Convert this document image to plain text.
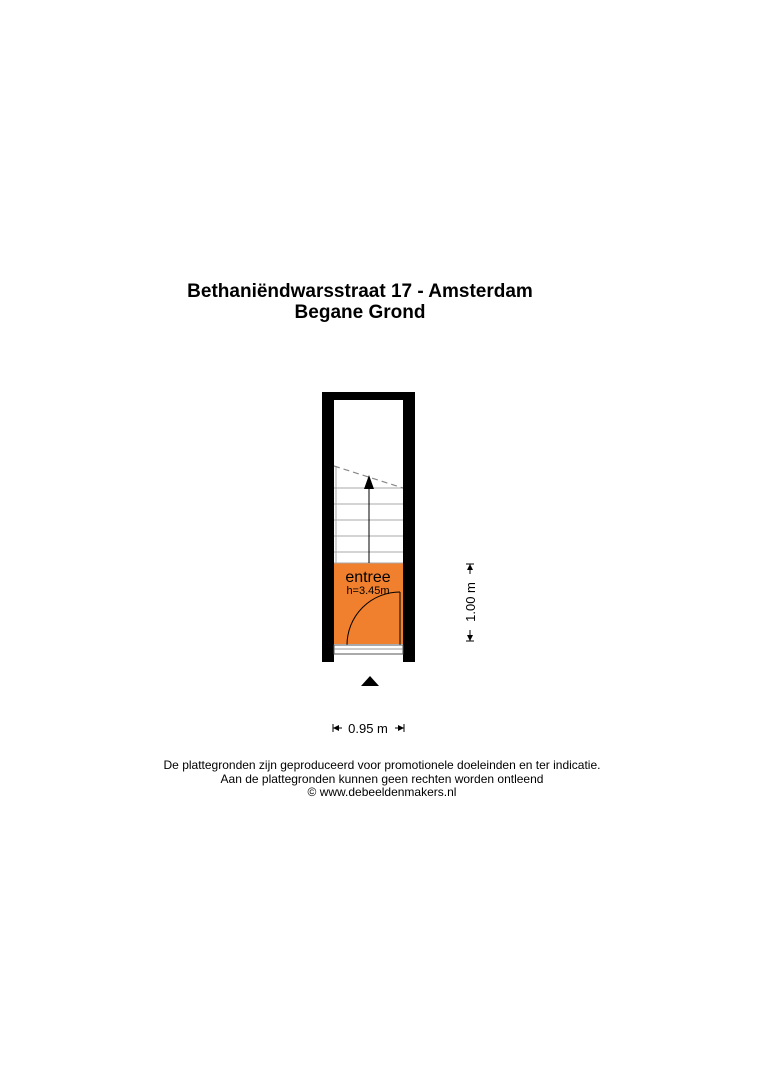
Bethaniëndwarsstraat 17 - Amsterdam
Begane Grond
entree
h=3.45m
0.95 m
1.00 m
De plattegronden zijn geproduceerd voor promotionele doeleinden en ter indicatie.
Aan de plattegronden kunnen geen rechten worden ontleend
© www.debeeldenmakers.nl
